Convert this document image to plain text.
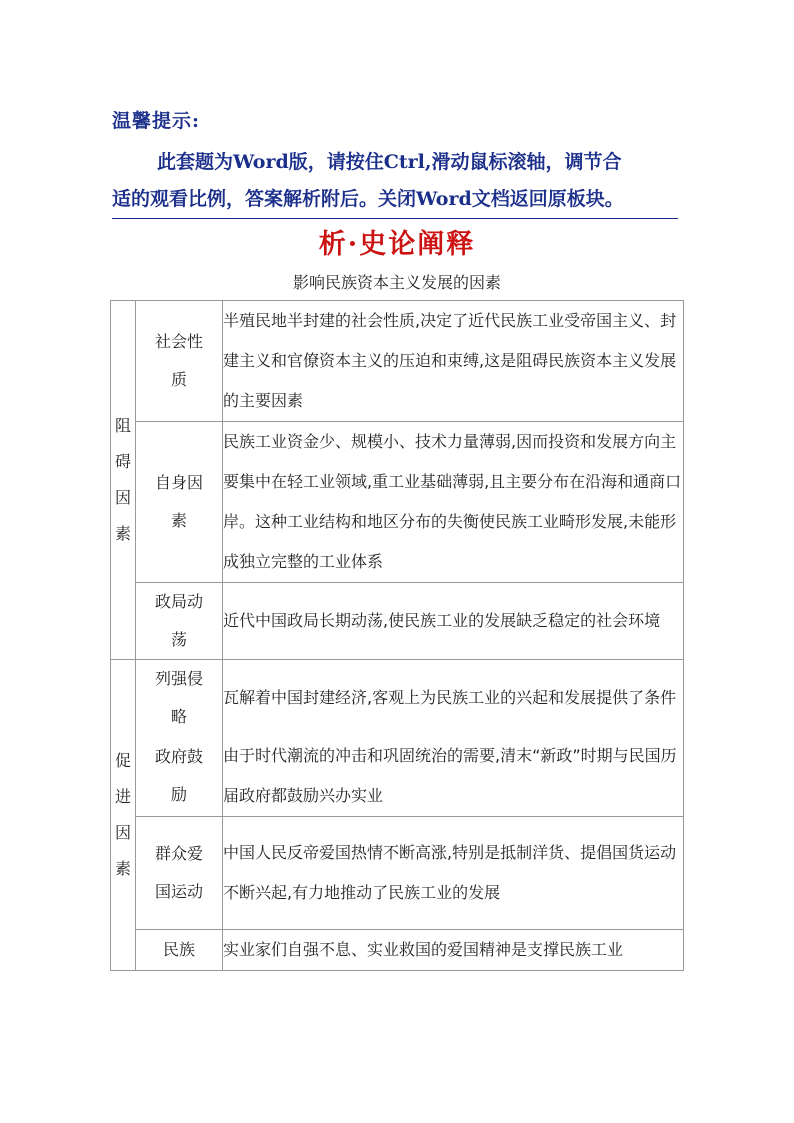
温馨提示:
此套题为Word版，请按住Ctrl,滑动鼠标滚轴，调节合
适的观看比例，答案解析附后。关闭Word文档返回原板块。
析·史论阐释
影响民族资本主义发展的因素
阻碍因素	社会性质	半殖民地半封建的社会性质,决定了近代民族工业受帝国主义、封建主义和官僚资本主义的压迫和束缚,这是阻碍民族资本主义发展的主要因素
	自身因素	民族工业资金少、规模小、技术力量薄弱,因而投资和发展方向主要集中在轻工业领域,重工业基础薄弱,且主要分布在沿海和通商口岸。这种工业结构和地区分布的失衡使民族工业畸形发展,未能形成独立完整的工业体系
	政局动荡	近代中国政局长期动荡,使民族工业的发展缺乏稳定的社会环境
促进因素	列强侵略	瓦解着中国封建经济,客观上为民族工业的兴起和发展提供了条件
	政府鼓励	由于时代潮流的冲击和巩固统治的需要,清末“新政”时期与民国历届政府都鼓励兴办实业
	群众爱国运动	中国人民反帝爱国热情不断高涨,特别是抵制洋货、提倡国货运动不断兴起,有力地推动了民族工业的发展
	民族	实业家们自强不息、实业救国的爱国精神是支撑民族工业
